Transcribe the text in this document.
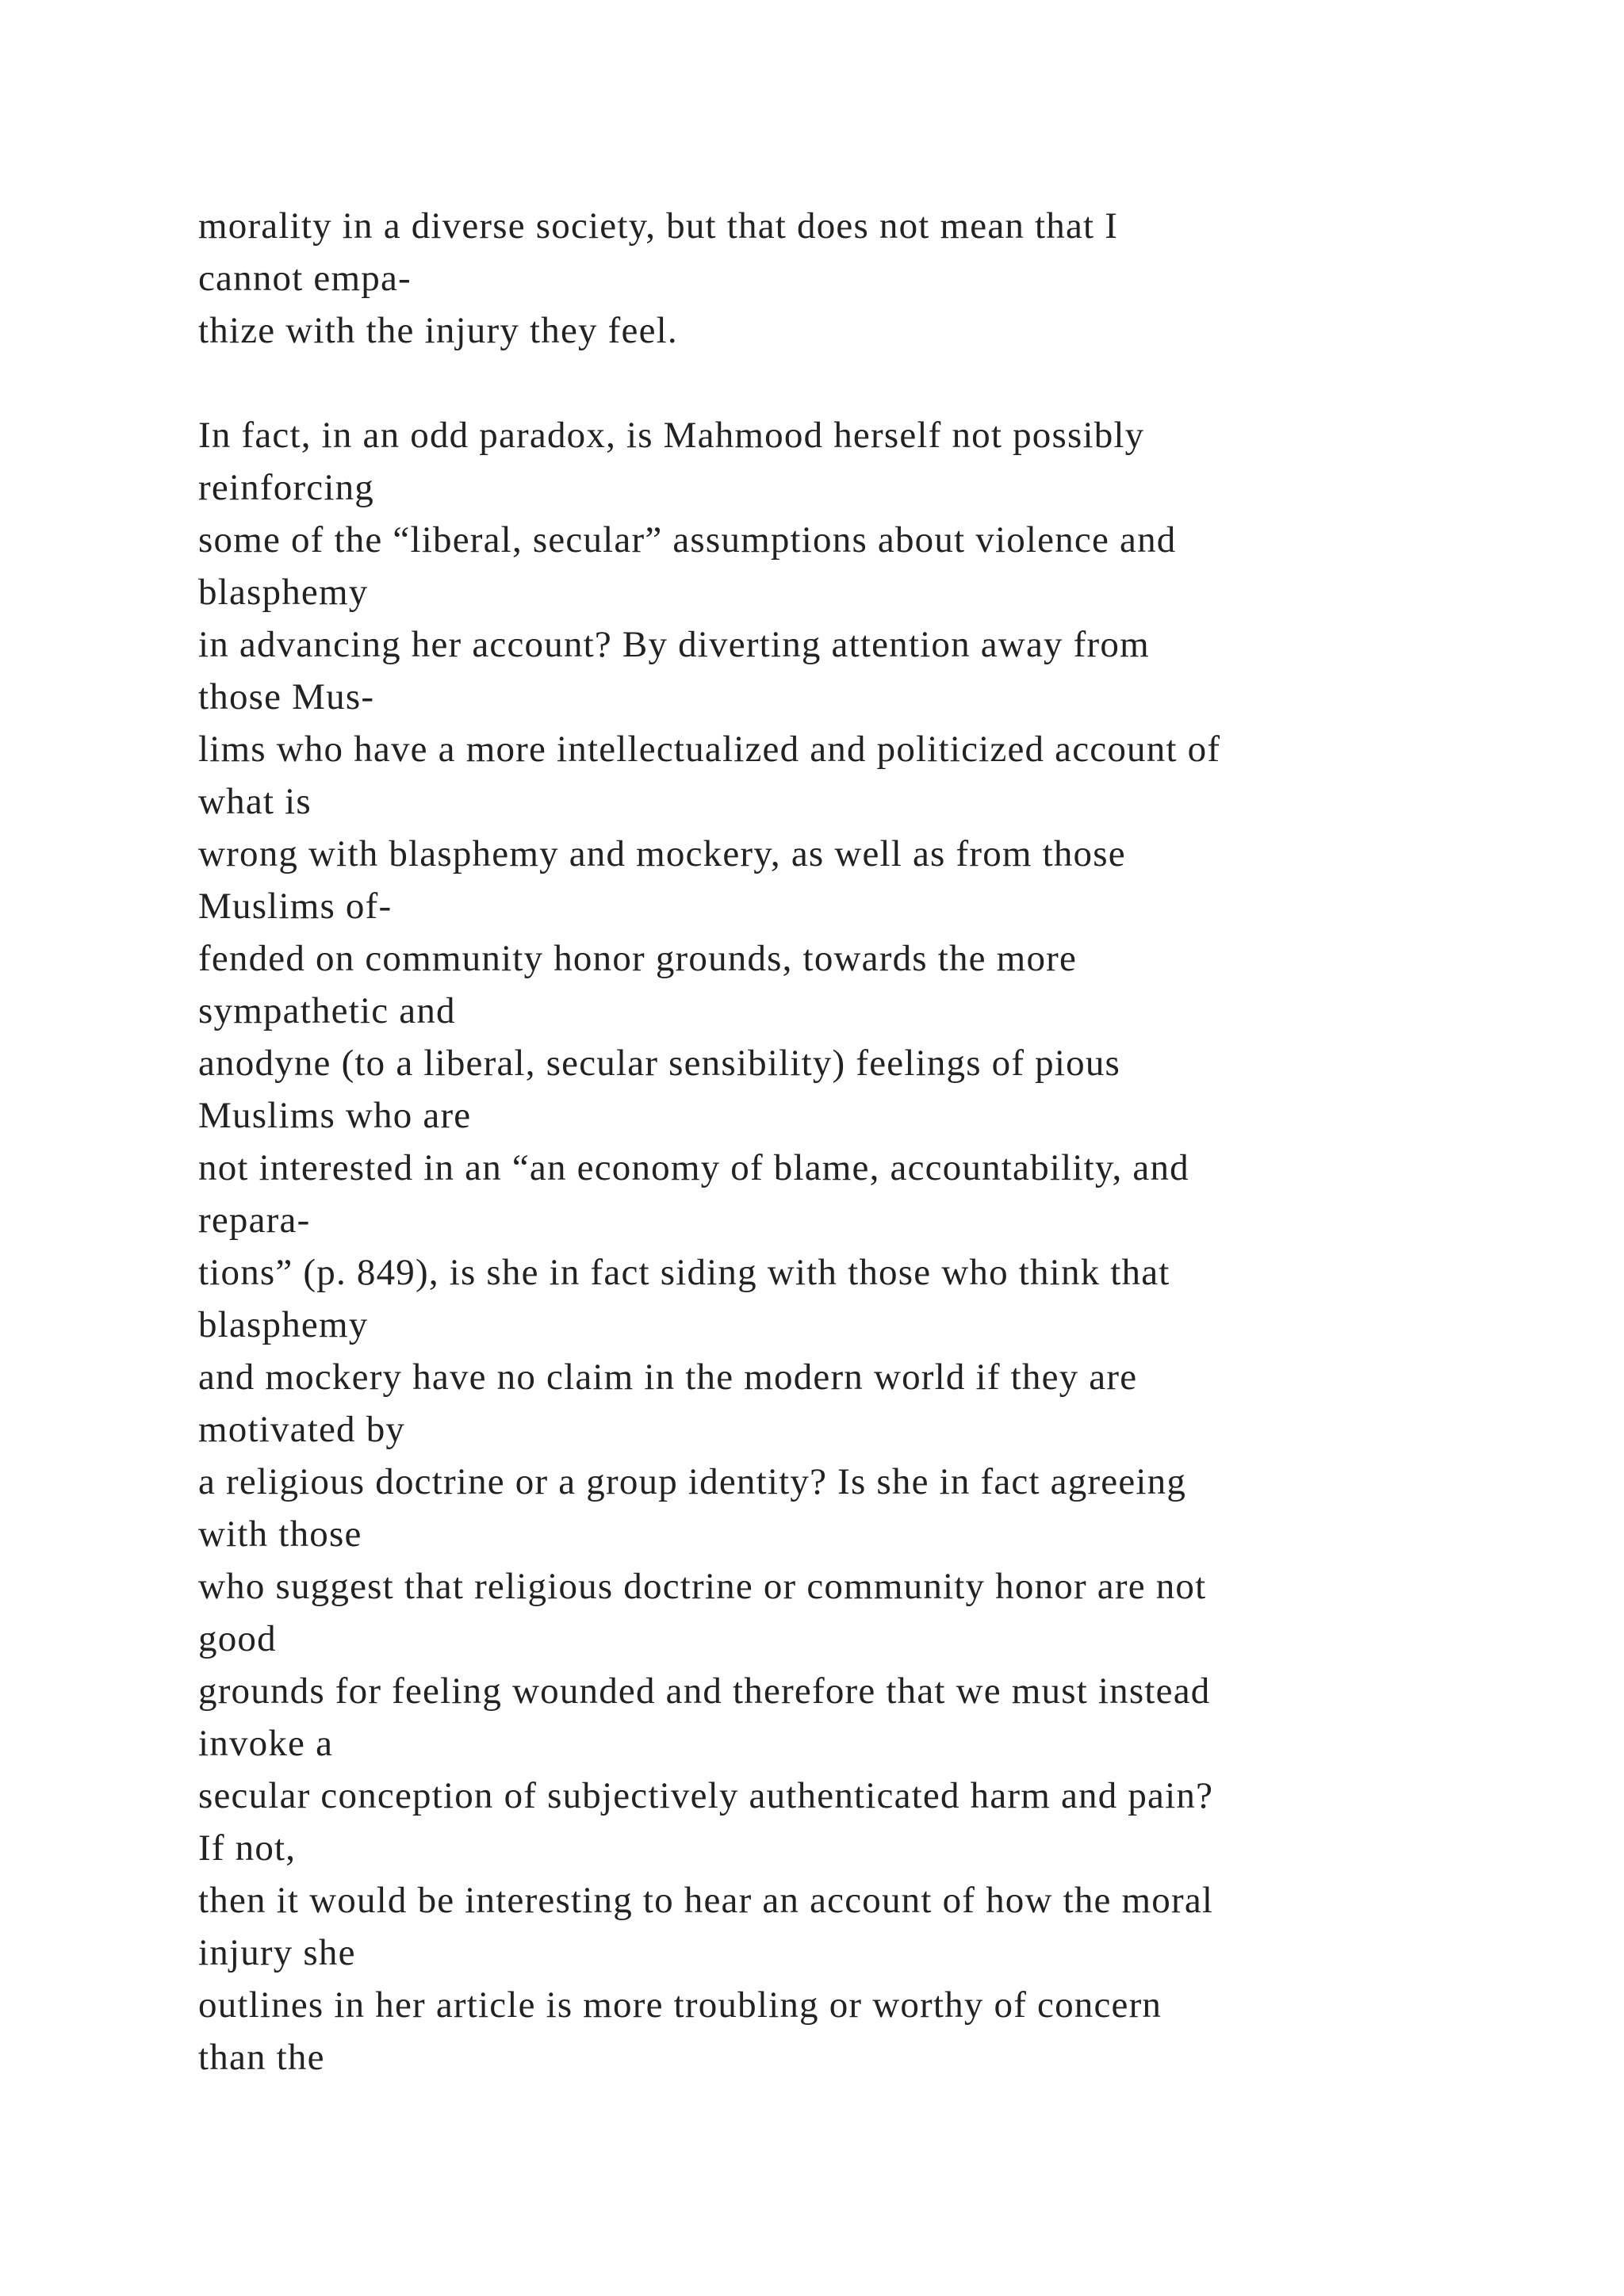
morality in a diverse society, but that does not mean that I
cannot empa-
thize with the injury they feel.
In fact, in an odd paradox, is Mahmood herself not possibly
reinforcing
some of the “liberal, secular” assumptions about violence and
blasphemy
in advancing her account? By diverting attention away from
those Mus-
lims who have a more intellectualized and politicized account of
what is
wrong with blasphemy and mockery, as well as from those
Muslims of-
fended on community honor grounds, towards the more
sympathetic and
anodyne (to a liberal, secular sensibility) feelings of pious
Muslims who are
not interested in an “an economy of blame, accountability, and
repara-
tions” (p. 849), is she in fact siding with those who think that
blasphemy
and mockery have no claim in the modern world if they are
motivated by
a religious doctrine or a group identity? Is she in fact agreeing
with those
who suggest that religious doctrine or community honor are not
good
grounds for feeling wounded and therefore that we must instead
invoke a
secular conception of subjectively authenticated harm and pain?
If not,
then it would be interesting to hear an account of how the moral
injury she
outlines in her article is more troubling or worthy of concern
than the
